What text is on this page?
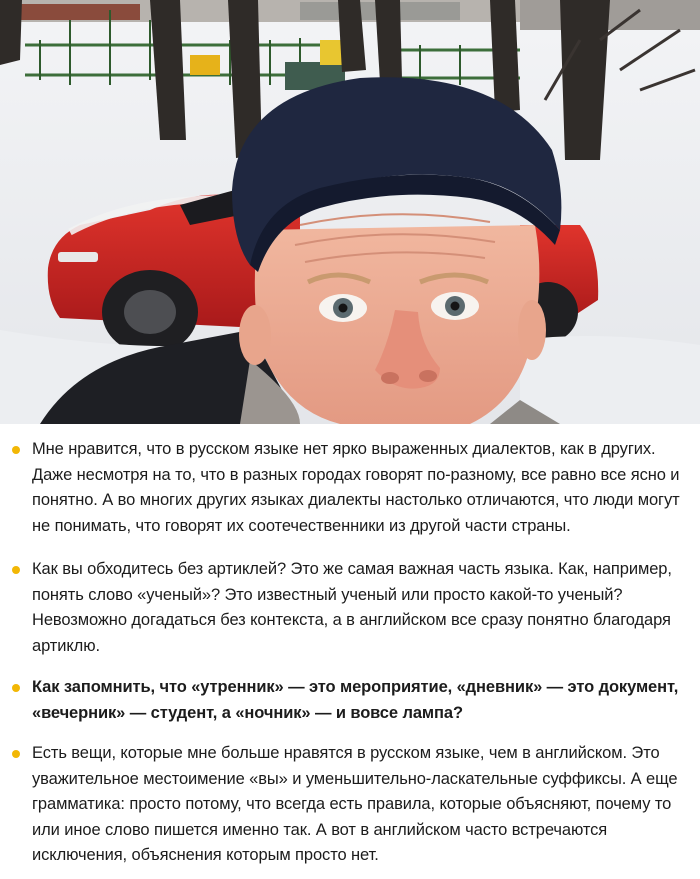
Мне нравится, что в русском языке нет ярко выраженных диалектов, как в других. Даже несмотря на то, что в разных городах говорят по-разному, все равно все ясно и понятно. А во многих других языках диалекты настолько отличаются, что люди могут не понимать, что говорят их соотечественники из другой части страны.

Как вы обходитесь без артиклей? Это же самая важная часть языка. Как, например, понять слово «ученый»? Это известный ученый или просто какой-то ученый? Невозможно догадаться без контекста, а в английском все сразу понятно благодаря артиклю.

Как запомнить, что «утренник» — это мероприятие, «дневник» — это документ, «вечерник» — студент, а «ночник» — и вовсе лампа?

Есть вещи, которые мне больше нравятся в русском языке, чем в английском. Это уважительное местоимение «вы» и уменьшительно-ласкательные суффиксы. А еще грамматика: просто потому, что всегда есть правила, которые объясняют, почему то или иное слово пишется именно так. А вот в английском часто встречаются исключения, объяснения которым просто нет.
